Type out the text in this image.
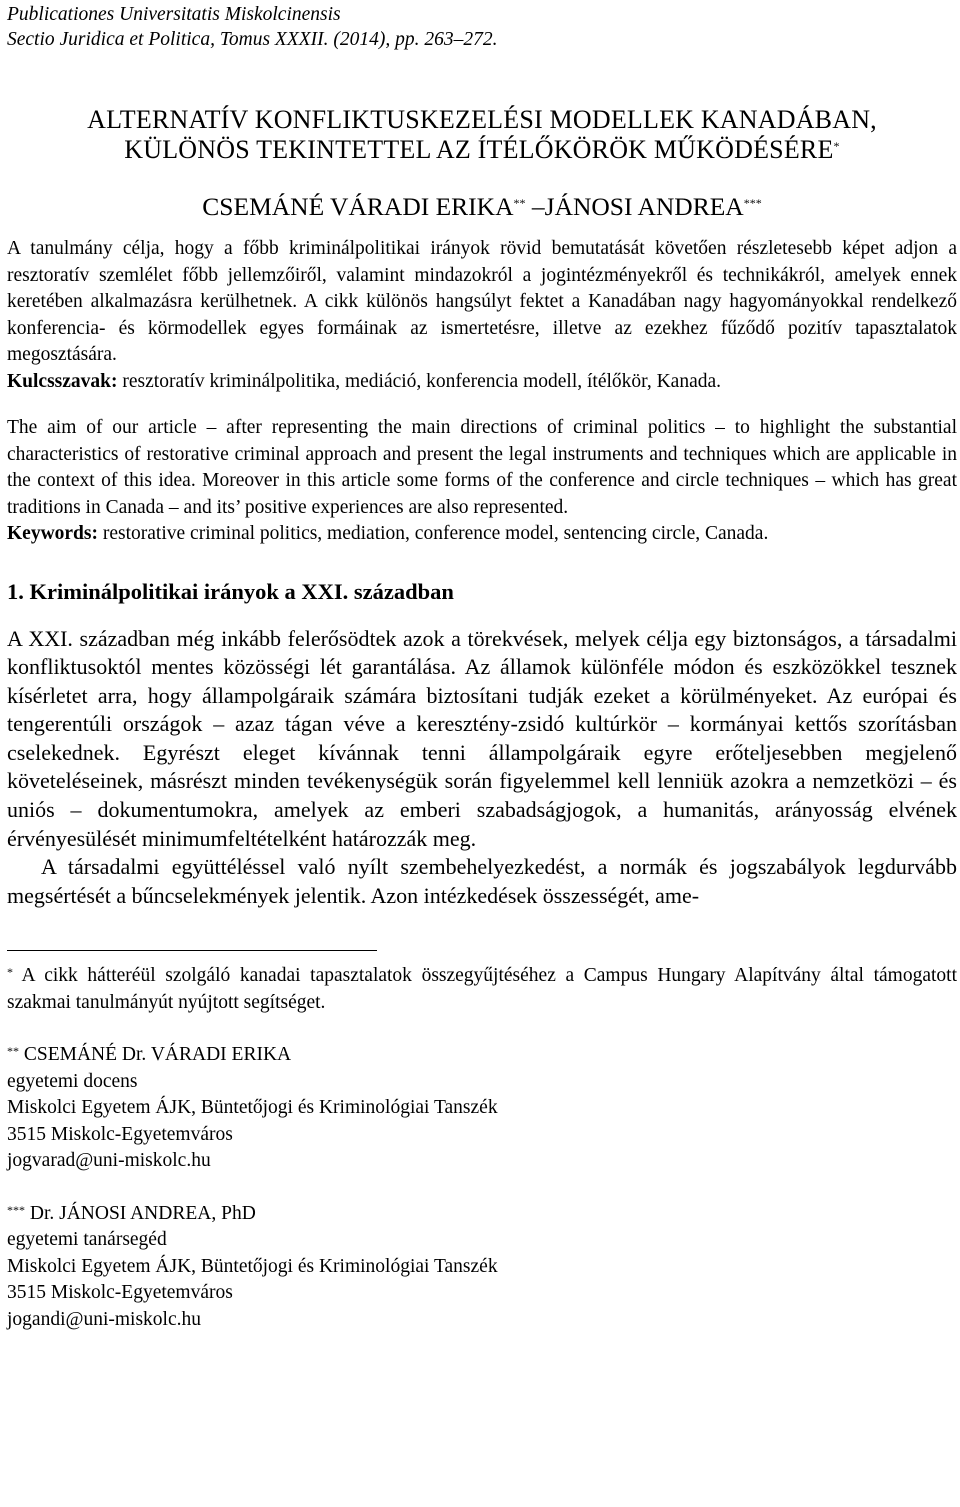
Publicationes Universitatis Miskolcinensis
Sectio Juridica et Politica, Tomus XXXII. (2014), pp. 263–272.
ALTERNATÍV KONFLIKTUSKEZELÉSI MODELLEK KANADÁBAN,
KÜLÖNÖS TEKINTETTEL AZ ÍTÉLŐKÖRÖK MŰKÖDÉSÉRE*
CSEMÁNÉ VÁRADI ERIKA** –JÁNOSI ANDREA***
A tanulmány célja, hogy a főbb kriminálpolitikai irányok rövid bemutatását követően részletesebb képet adjon a resztoratív szemlélet főbb jellemzőiről, valamint mindazokról a jogintézményekről és technikákról, amelyek ennek keretében alkalmazásra kerülhetnek. A cikk különös hangsúlyt fektet a Kanadában nagy hagyományokkal rendelkező konferencia- és körmodellek egyes formáinak az ismertetésre, illetve az ezekhez fűződő pozitív tapasztalatok megosztására.
Kulcsszavak: resztoratív kriminálpolitika, mediáció, konferencia modell, ítélőkör, Kanada.
The aim of our article – after representing the main directions of criminal politics – to highlight the substantial characteristics of restorative criminal approach and present the legal instruments and techniques which are applicable in the context of this idea. Moreover in this article some forms of the conference and circle techniques – which has great traditions in Canada – and its’ positive experiences are also represented.
Keywords: restorative criminal politics, mediation, conference model, sentencing circle, Canada.
1. Kriminálpolitikai irányok a XXI. században

A XXI. században még inkább felerősödtek azok a törekvések, melyek célja egy biztonságos, a társadalmi konfliktusoktól mentes közösségi lét garantálása. Az államok különféle módon és eszközökkel tesznek kísérletet arra, hogy állampolgáraik számára biztosítani tudják ezeket a körülményeket. Az európai és tengerentúli országok – azaz tágan véve a keresztény-zsidó kultúrkör – kormányai kettős szorításban cselekednek. Egyrészt eleget kívánnak tenni állampolgáraik egyre erőteljesebben megjelenő követeléseinek, másrészt minden tevékenységük során figyelemmel kell lenniük azokra a nemzetközi – és uniós – dokumentumokra, amelyek az emberi szabadságjogok, a humanitás, arányosság elvének érvényesülését minimumfeltételként határozzák meg.

A társadalmi együttéléssel való nyílt szembehelyezkedést, a normák és jogszabályok legdurvább megsértését a bűncselekmények jelentik. Azon intézkedések összességét, ame-

* A cikk hátteréül szolgáló kanadai tapasztalatok összegyűjtéséhez a Campus Hungary Alapítvány által támogatott szakmai tanulmányút nyújtott segítséget.
** CSEMÁNÉ Dr. VÁRADI ERIKA
egyetemi docens
Miskolci Egyetem ÁJK, Büntetőjogi és Kriminológiai Tanszék
3515 Miskolc-Egyetemváros
jogvarad@uni-miskolc.hu
*** Dr. JÁNOSI ANDREA, PhD
egyetemi tanársegéd
Miskolci Egyetem ÁJK, Büntetőjogi és Kriminológiai Tanszék
3515 Miskolc-Egyetemváros
jogandi@uni-miskolc.hu
